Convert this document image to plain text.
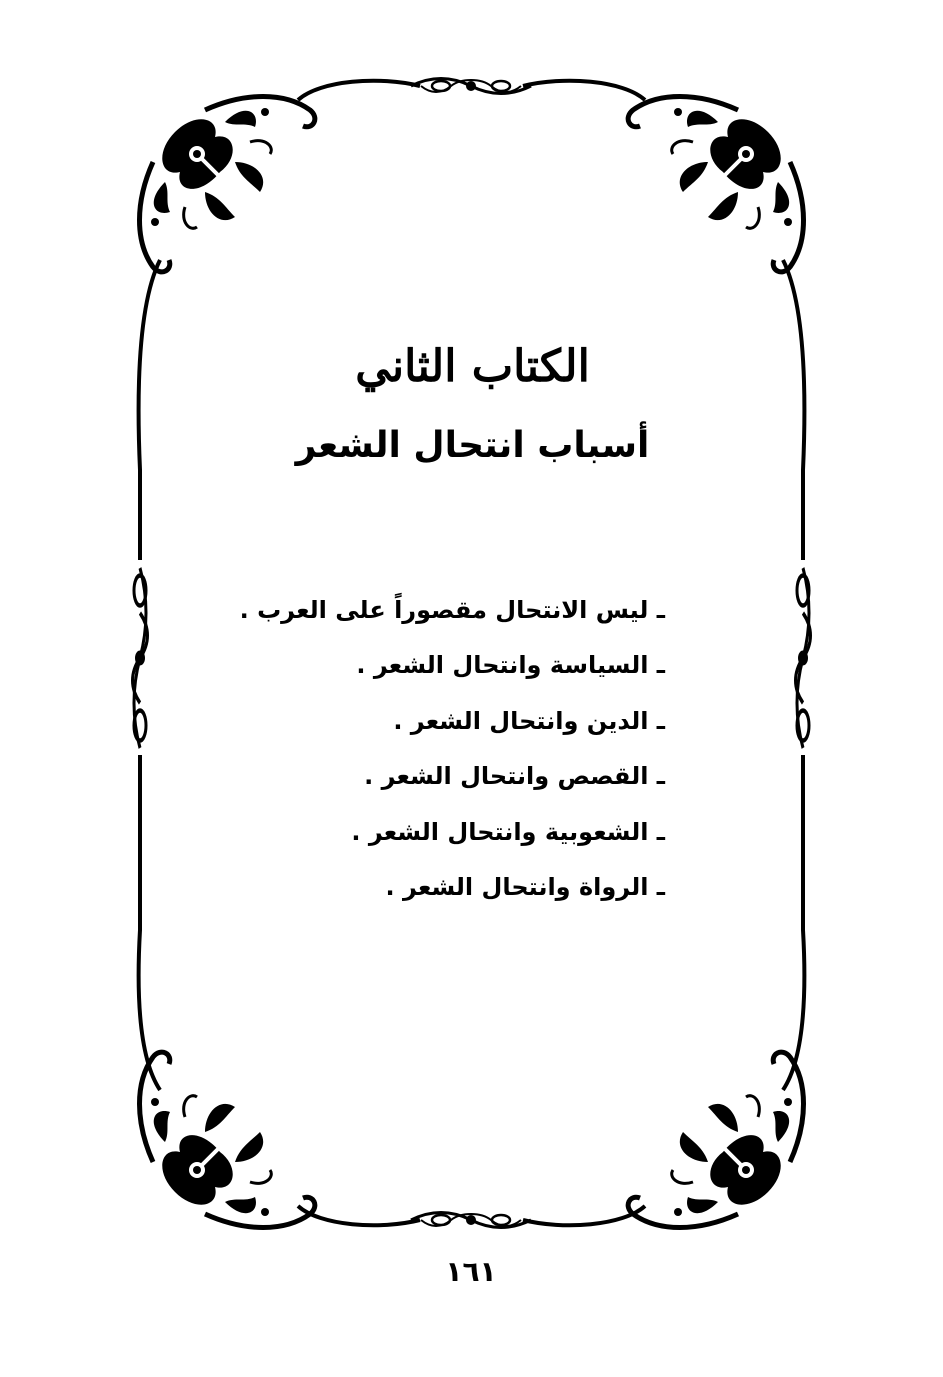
الكتاب الثاني
أسباب انتحال الشعر
ـ ليس الانتحال مقصوراً على العرب .
ـ السياسة وانتحال الشعر .
ـ الدين وانتحال الشعر .
ـ القصص وانتحال الشعر .
ـ الشعوبية وانتحال الشعر .
ـ الرواة وانتحال الشعر .
١٦١
